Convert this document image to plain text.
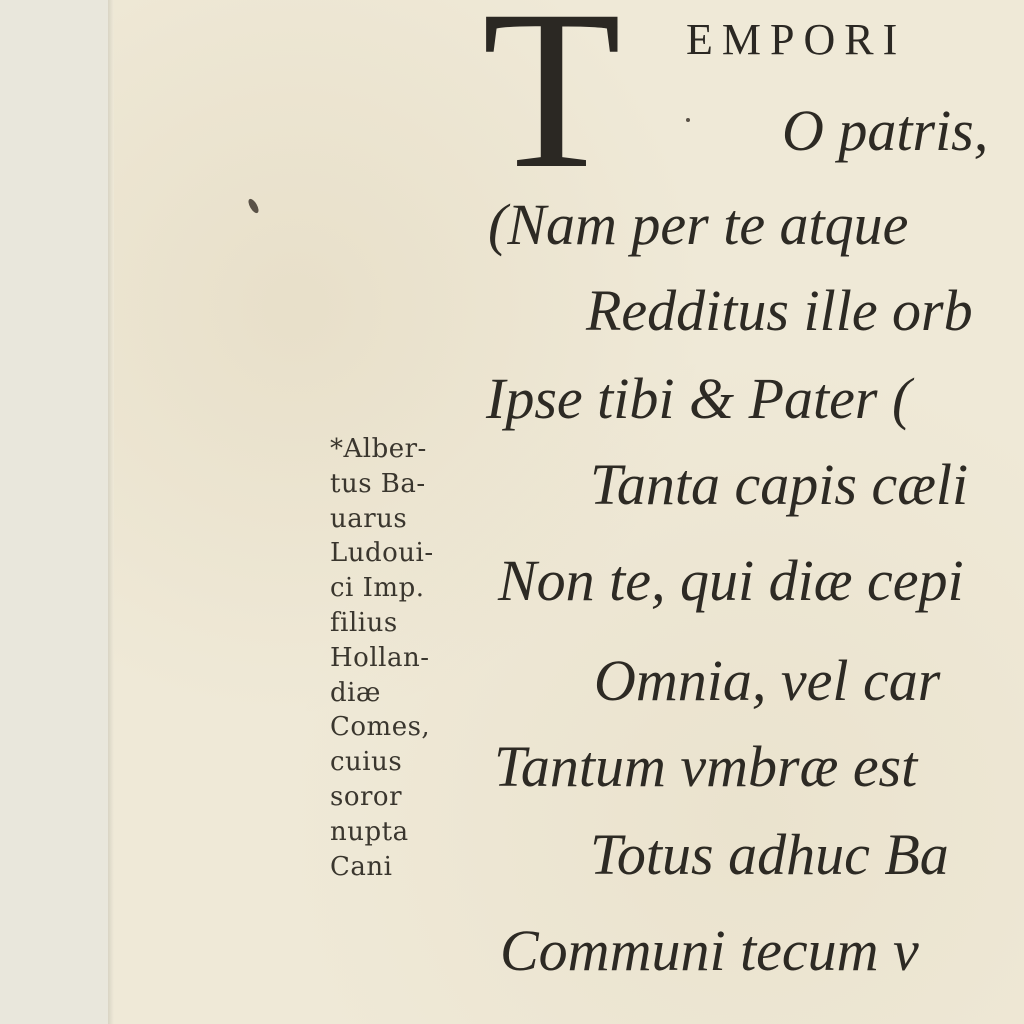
T EMPORI
O patris,
(Nam per te atque
Redditus ille orb
Ipse tibi & Pater (
Tanta capis cæli
Non te, qui diæ cepi
Omnia, vel car
Tantum vmbræ est
Totus adhuc Ba
Communi tecum v
*Alber-
tus Ba-
uarus
Ludoui-
ci Imp.
filius
Hollan-
diæ
Comes,
cuius
soror
nupta
Cani
